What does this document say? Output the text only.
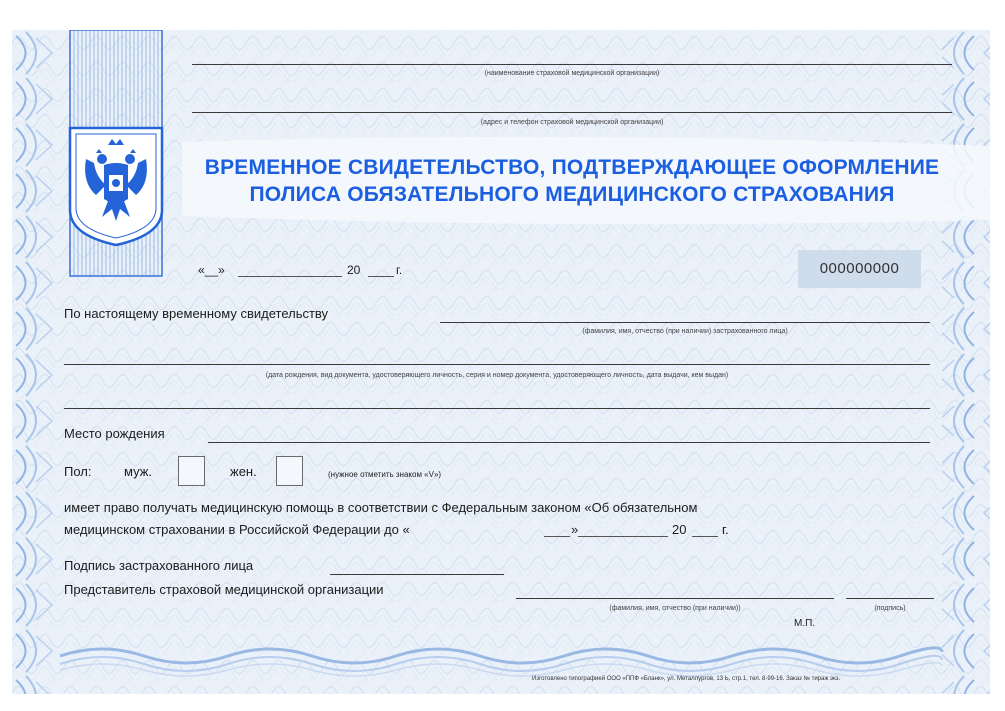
(наименование страховой медицинской организации)
(адрес и телефон страховой медицинской организации)
ВРЕМЕННОЕ СВИДЕТЕЛЬСТВО, ПОДТВЕРЖДАЮЩЕЕ ОФОРМЛЕНИЕ
ПОЛИСА ОБЯЗАТЕЛЬНОГО МЕДИЦИНСКОГО СТРАХОВАНИЯ
«__»	20	г.	000000000
По настоящему временному свидетельству
(фамилия, имя, отчество (при наличии) застрахованного лица)
(дата рождения, вид документа, удостоверяющего личность, серия и номер документа, удостоверяющего личность, дата выдачи, кем выдан)
Место рождения
Пол:	муж.	жен.	(нужное отметить знаком «V»)
имеет право получать медицинскую помощь в соответствии с Федеральным законом «Об обязательном
медицинском страховании в Российской Федерации до «	»	20	г.
Подпись застрахованного лица
Представитель страховой медицинской организации
(фамилия, имя, отчество (при наличии))	(подпись)
М.П.
Изготовлено типографией ООО «ППФ «Бланк», ул. Металлургов, 13 Ь, стр.1, тел. 8-99-16. Заказ № тираж экз.
